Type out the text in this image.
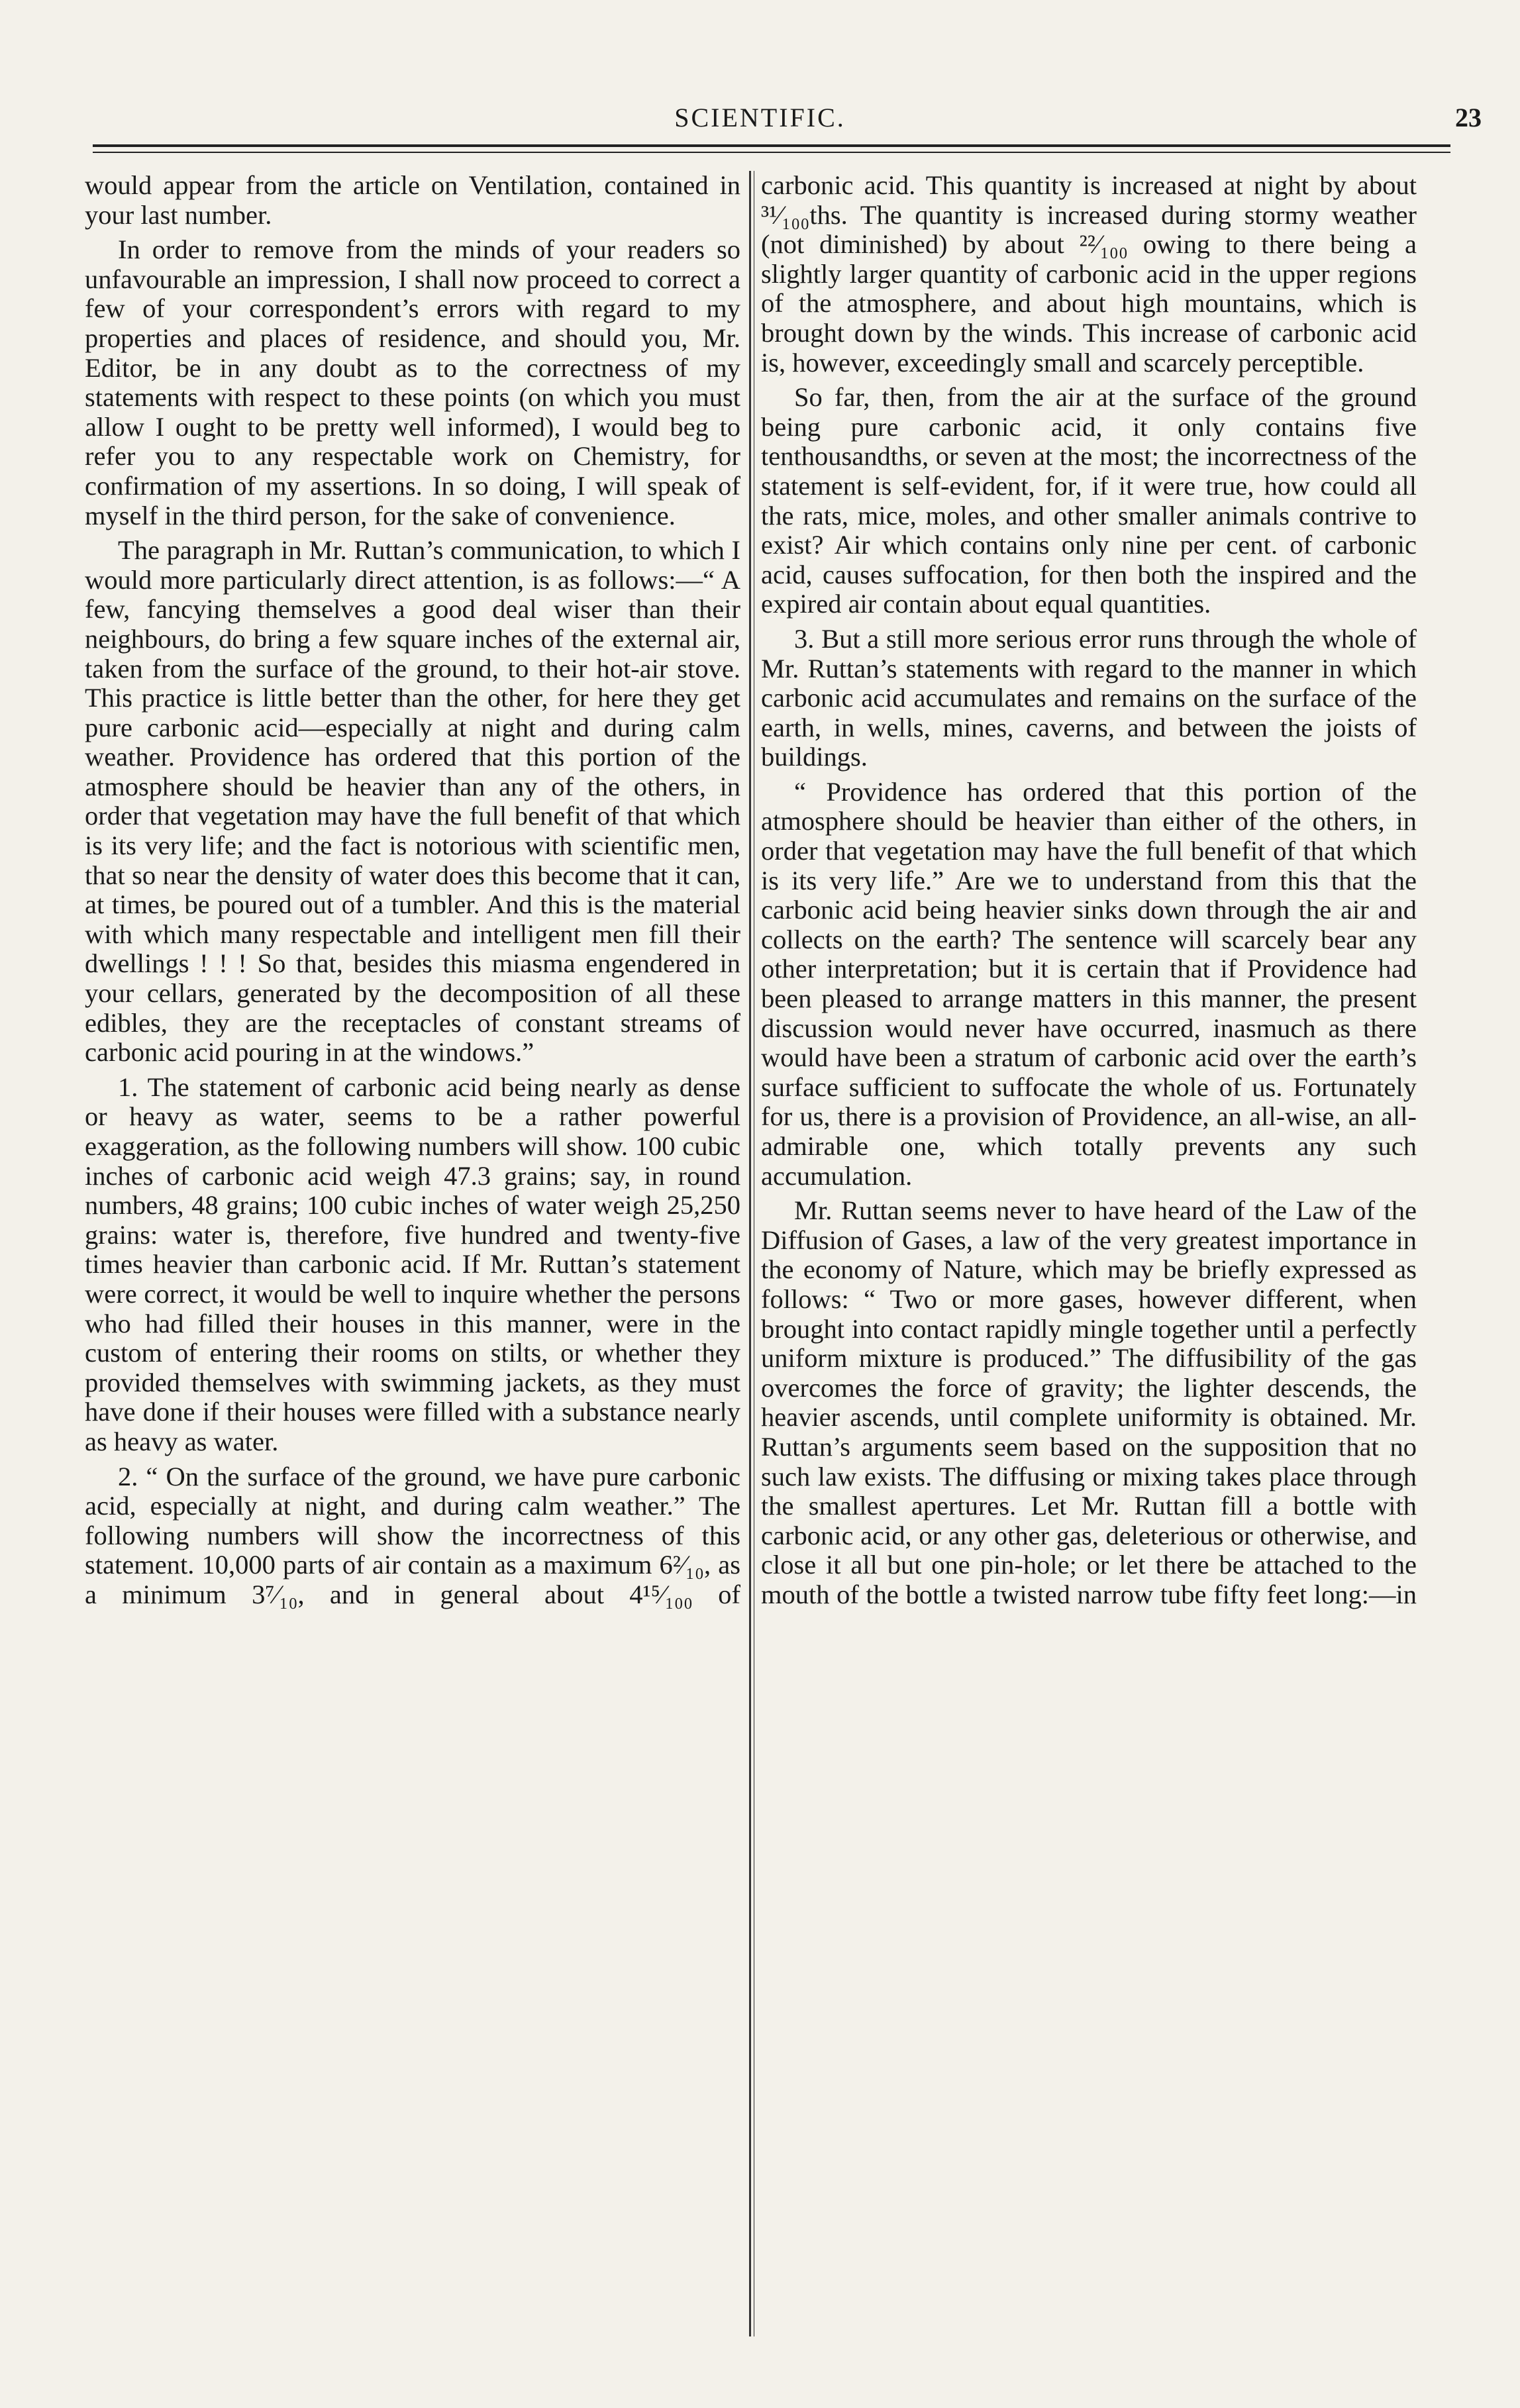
SCIENTIFIC.	23

would appear from the article on Ventilation, contained in your last number.

In order to remove from the minds of your readers so unfavourable an impression, I shall now proceed to correct a few of your correspondent’s errors with regard to my properties and places of residence, and should you, Mr. Editor, be in any doubt as to the correctness of my statements with respect to these points (on which you must allow I ought to be pretty well informed), I would beg to refer you to any respectable work on Chemistry, for confirmation of my assertions. In so doing, I will speak of myself in the third person, for the sake of convenience.

The paragraph in Mr. Ruttan’s communication, to which I would more particularly direct attention, is as follows:—“ A few, fancying themselves a good deal wiser than their neighbours, do bring a few square inches of the external air, taken from the surface of the ground, to their hot-air stove. This practice is little better than the other, for here they get pure carbonic acid—especially at night and during calm weather. Providence has ordered that this portion of the atmosphere should be heavier than any of the others, in order that vegetation may have the full benefit of that which is its very life; and the fact is notorious with scientific men, that so near the density of water does this become that it can, at times, be poured out of a tumbler. And this is the material with which many respectable and intelligent men fill their dwellings ! ! ! So that, besides this miasma engendered in your cellars, generated by the decomposition of all these edibles, they are the receptacles of constant streams of carbonic acid pouring in at the windows.”

1. The statement of carbonic acid being nearly as dense or heavy as water, seems to be a rather powerful exaggeration, as the following numbers will show. 100 cubic inches of carbonic acid weigh 47.3 grains; say, in round numbers, 48 grains; 100 cubic inches of water weigh 25,250 grains: water is, therefore, five hundred and twenty-five times heavier than carbonic acid. If Mr. Ruttan’s statement were correct, it would be well to inquire whether the persons who had filled their houses in this manner, were in the custom of entering their rooms on stilts, or whether they provided themselves with swimming jackets, as they must have done if their houses were filled with a substance nearly as heavy as water.

2. “ On the surface of the ground, we have pure carbonic acid, especially at night, and during calm weather.” The following numbers will show the incorrectness of this statement. 10,000 parts of air contain as a maximum 6²⁄₁₀, as a minimum 3⁷⁄₁₀, and in general about 4¹⁵⁄₁₀₀ of

carbonic acid. This quantity is increased at night by about ³¹⁄₁₀₀ths. The quantity is increased during stormy weather (not diminished) by about ²²⁄₁₀₀ owing to there being a slightly larger quantity of carbonic acid in the upper regions of the atmosphere, and about high mountains, which is brought down by the winds. This increase of carbonic acid is, however, exceedingly small and scarcely perceptible.

So far, then, from the air at the surface of the ground being pure carbonic acid, it only contains five tenthousandths, or seven at the most; the incorrectness of the statement is self-evident, for, if it were true, how could all the rats, mice, moles, and other smaller animals contrive to exist? Air which contains only nine per cent. of carbonic acid, causes suffocation, for then both the inspired and the expired air contain about equal quantities.

3. But a still more serious error runs through the whole of Mr. Ruttan’s statements with regard to the manner in which carbonic acid accumulates and remains on the surface of the earth, in wells, mines, caverns, and between the joists of buildings.

“ Providence has ordered that this portion of the atmosphere should be heavier than either of the others, in order that vegetation may have the full benefit of that which is its very life.” Are we to understand from this that the carbonic acid being heavier sinks down through the air and collects on the earth? The sentence will scarcely bear any other interpretation; but it is certain that if Providence had been pleased to arrange matters in this manner, the present discussion would never have occurred, inasmuch as there would have been a stratum of carbonic acid over the earth’s surface sufficient to suffocate the whole of us. Fortunately for us, there is a provision of Providence, an all-wise, an all-admirable one, which totally prevents any such accumulation.

Mr. Ruttan seems never to have heard of the Law of the Diffusion of Gases, a law of the very greatest importance in the economy of Nature, which may be briefly expressed as follows: “ Two or more gases, however different, when brought into contact rapidly mingle together until a perfectly uniform mixture is produced.” The diffusibility of the gas overcomes the force of gravity; the lighter descends, the heavier ascends, until complete uniformity is obtained. Mr. Ruttan’s arguments seem based on the supposition that no such law exists. The diffusing or mixing takes place through the smallest apertures. Let Mr. Ruttan fill a bottle with carbonic acid, or any other gas, deleterious or otherwise, and close it all but one pin-hole; or let there be attached to the mouth of the bottle a twisted narrow tube fifty feet long:—in
